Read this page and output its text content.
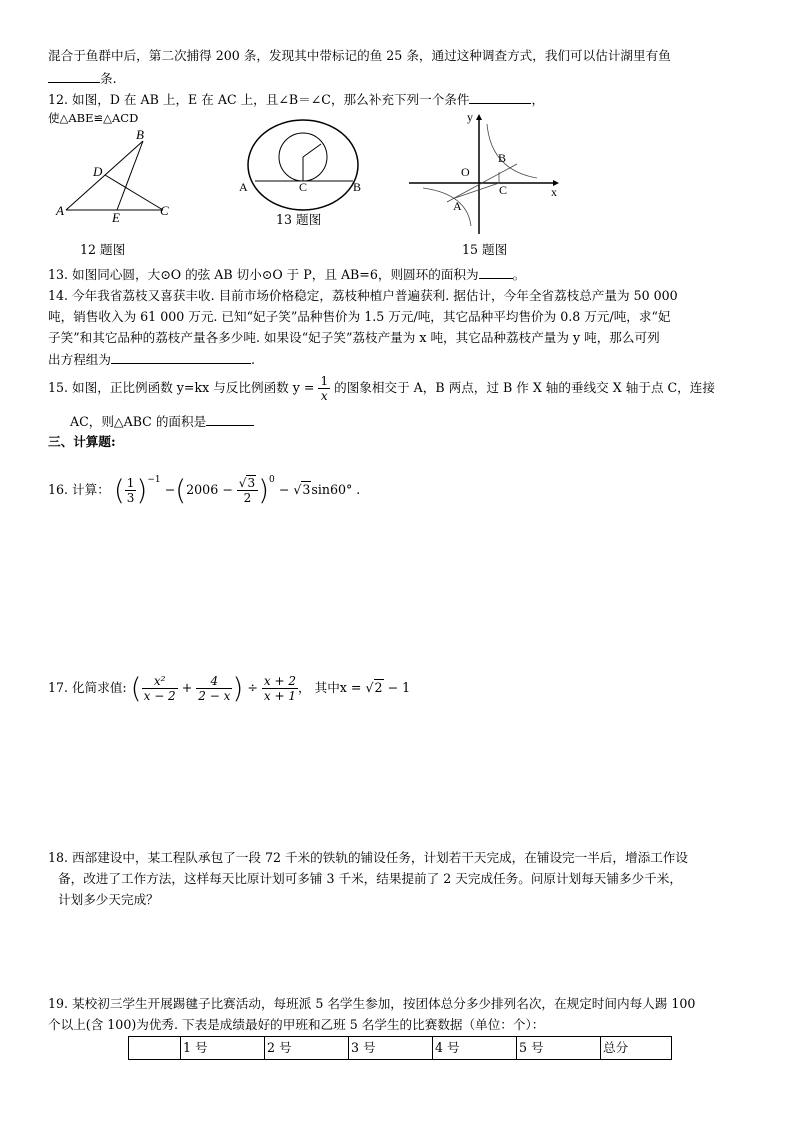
混合于鱼群中后，第二次捕得 200 条，发现其中带标记的鱼 25 条，通过这种调查方式，我们可以估计湖里有鱼
条.
12. 如图，D 在 AB 上，E 在 AC 上，且∠B＝∠C，那么补充下列一个条件	，
使△ABE≌△ACD
A
B
C
D
E
12 题图
A	B
C
13 题图
y
x
O
A
B
C
15 题图
13. 如图同心圆，大⊙O 的弦 AB 切小⊙O 于 P，且 AB=6，则圆环的面积为	。
14. 今年我省荔枝又喜获丰收. 目前市场价格稳定，荔枝种植户普遍获利. 据估计，今年全省荔枝总产量为 50 000
吨，销售收入为 61 000 万元. 已知“妃子笑”品种售价为 1.5 万元/吨，其它品种平均售价为 0.8 万元/吨，求“妃
子笑”和其它品种的荔枝产量各多少吨. 如果设“妃子笑”荔枝产量为 x 吨，其它品种荔枝产量为 y 吨，那么可列
出方程组为	.
15. 如图，正比例函数 y=kx 与反比例函数 $y = \frac{1}{x}$ 的图象相交于 A，B 两点，过 B 作 X 轴的垂线交 X 轴于点 C，连接
AC，则△ABC 的面积是
三、计算题:
16. 计算： ( $\frac{1}{3} )^{-1} -(2006 - \frac{√3}{2} )^0 - √3\sin 60^\circ$ .
17. 化简求值: ( $\frac{\text{x²}}{x - 2} + \frac{4}{2 - x}$ ) ÷ $\frac{x + 2}{x + 1}$ ， 其中x = √2 − 1
18. 西部建设中，某工程队承包了一段 72 千米的铁轨的铺设任务，计划若干天完成，在铺设完一半后，增添工作设
备，改进了工作方法，这样每天比原计划可多铺 3 千米，结果提前了 2 天完成任务。问原计划每天铺多少千米，
计划多少天完成？
19. 某校初三学生开展踢毽子比赛活动，每班派 5 名学生参加，按团体总分多少排列名次，在规定时间内每人踢 100
个以上(含 100)为优秀. 下表是成绩最好的甲班和乙班 5 名学生的比赛数据（单位：个）：
	1 号	2 号	3 号	4 号	5 号	总分
